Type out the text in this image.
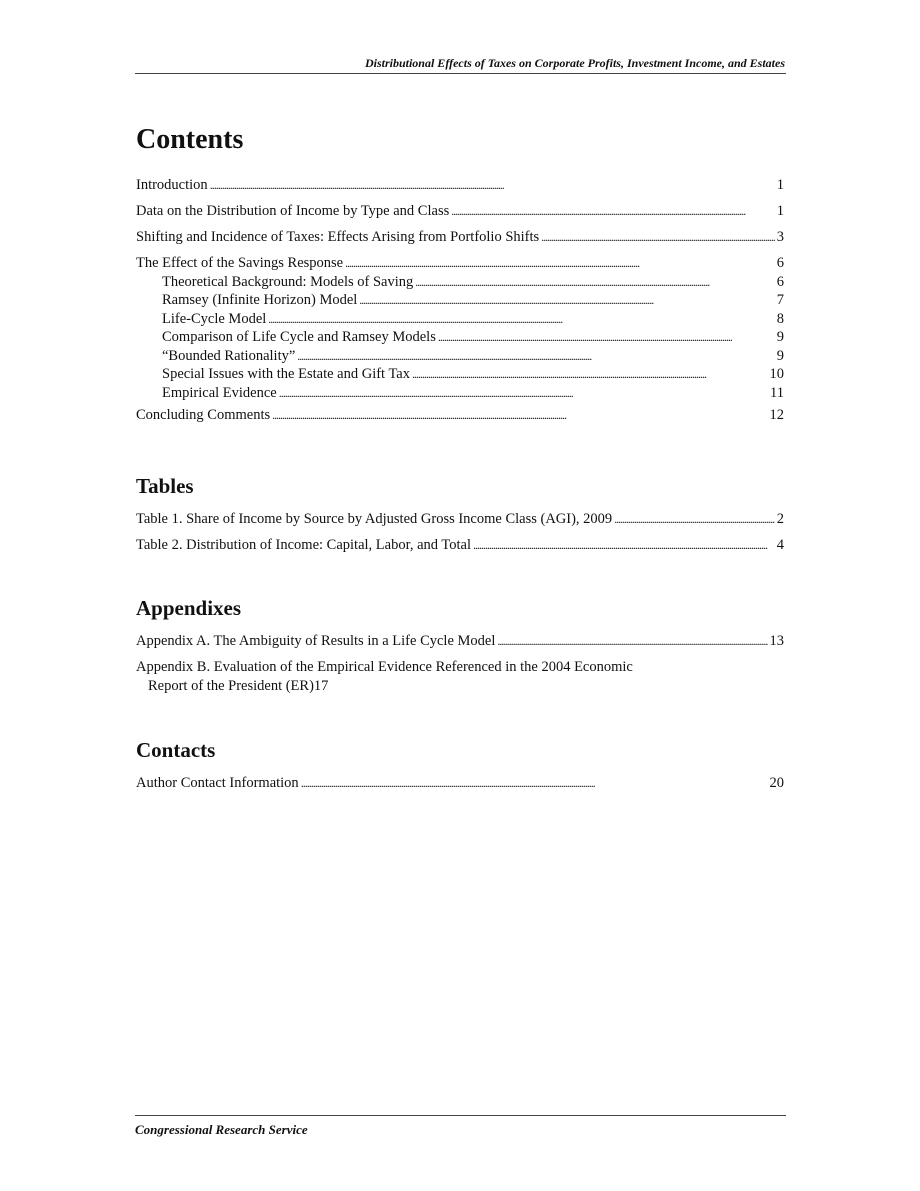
Distributional Effects of Taxes on Corporate Profits, Investment Income, and Estates
Contents
Introduction . . .	1
Data on the Distribution of Income by Type and Class . . .	1
Shifting and Incidence of Taxes: Effects Arising from Portfolio Shifts . . .	3
The Effect of the Savings Response . . .	6
Theoretical Background: Models of Saving . . .	6
Ramsey (Infinite Horizon) Model . . .	7
Life-Cycle Model . . .	8
Comparison of Life Cycle and Ramsey Models . . .	9
“Bounded Rationality” . . .	9
Special Issues with the Estate and Gift Tax . . .	10
Empirical Evidence . . .	11
Concluding Comments . . .	12
Tables
Table 1. Share of Income by Source by Adjusted Gross Income Class (AGI), 2009 . . .	2
Table 2. Distribution of Income: Capital, Labor, and Total . . .	4
Appendixes
Appendix A. The Ambiguity of Results in a Life Cycle Model . . .	13
Appendix B. Evaluation of the Empirical Evidence Referenced in the 2004 Economic
Report of the President (ER) 17
Contacts
Author Contact Information . . .	20
Congressional Research Service
